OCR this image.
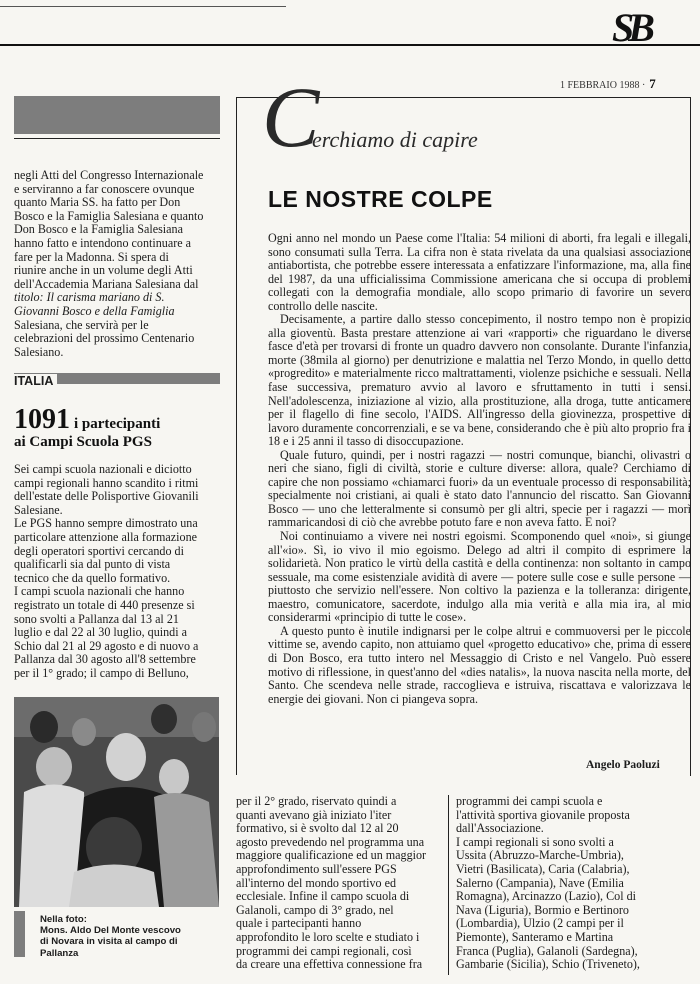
SB
1 FEBBRAIO 1988 · 7
negli Atti del Congresso Internazionale
e serviranno a far conoscere ovunque
quanto Maria SS. ha fatto per Don
Bosco e la Famiglia Salesiana e quanto
Don Bosco e la Famiglia Salesiana
hanno fatto e intendono continuare a
fare per la Madonna. Si spera di
riunire anche in un volume degli Atti
dell'Accademia Mariana Salesiana dal
titolo: Il carisma mariano di S.
Giovanni Bosco e della Famiglia
Salesiana, che servirà per le
celebrazioni del prossimo Centenario
Salesiano.
ITALIA
1091 i partecipanti
ai Campi Scuola PGS
Sei campi scuola nazionali e diciotto
campi regionali hanno scandito i ritmi
dell'estate delle Polisportive Giovanili
Salesiane.
Le PGS hanno sempre dimostrato una
particolare attenzione alla formazione
degli operatori sportivi cercando di
qualificarli sia dal punto di vista
tecnico che da quello formativo.
I campi scuola nazionali che hanno
registrato un totale di 440 presenze si
sono svolti a Pallanza dal 13 al 21
luglio e dal 22 al 30 luglio, quindi a
Schio dal 21 al 29 agosto e di nuovo a
Pallanza dal 30 agosto all'8 settembre
per il 1° grado; il campo di Belluno,
Nella foto:
Mons. Aldo Del Monte vescovo
di Novara in visita al campo di
Pallanza
C
erchiamo di capire
LE NOSTRE COLPE

Ogni anno nel mondo un Paese come l'Italia: 54 milioni di aborti, fra legali e illegali, sono consumati sulla Terra. La cifra non è stata rivelata da una qualsiasi associazione antiabortista, che potrebbe essere interessata a enfatizzare l'informazione, ma, alla fine del 1987, da una ufficialissima Commissione americana che si occupa di problemi collegati con la demografia mondiale, allo scopo primario di favorire un severo controllo delle nascite.

Decisamente, a partire dallo stesso concepimento, il nostro tempo non è propizio alla gioventù. Basta prestare attenzione ai vari «rapporti» che riguardano le diverse fasce d'età per trovarsi di fronte un quadro davvero non consolante. Durante l'infanzia, morte (38mila al giorno) per denutrizione e malattia nel Terzo Mondo, in quello detto «progredito» e materialmente ricco maltrattamenti, violenze psichiche e sessuali. Nella fase successiva, prematuro avvio al lavoro e sfruttamento in tutti i sensi. Nell'adolescenza, iniziazione al vizio, alla prostituzione, alla droga, tutte anticamere per il flagello di fine secolo, l'AIDS. All'ingresso della giovinezza, prospettive di lavoro duramente concorrenziali, e se va bene, considerando che è più alto proprio fra i 18 e i 25 anni il tasso di disoccupazione.

Quale futuro, quindi, per i nostri ragazzi — nostri comunque, bianchi, olivastri o neri che siano, figli di civiltà, storie e culture diverse: allora, quale? Cerchiamo di capire che non possiamo «chiamarci fuori» da un eventuale processo di responsabilità; specialmente noi cristiani, ai quali è stato dato l'annuncio del riscatto. San Giovanni Bosco — uno che letteralmente si consumò per gli altri, specie per i ragazzi — morì rammaricandosi di ciò che avrebbe potuto fare e non aveva fatto. E noi?

Noi continuiamo a vivere nei nostri egoismi. Scomponendo quel «noi», si giunge all'«io». Sì, io vivo il mio egoismo. Delego ad altri il compito di esprimere la solidarietà. Non pratico le virtù della castità e della continenza: non soltanto in campo sessuale, ma come esistenziale avidità di avere — potere sulle cose e sulle persone — piuttosto che servizio nell'essere. Non coltivo la pazienza e la tolleranza: dirigente, maestro, comunicatore, sacerdote, indulgo alla mia verità e alla mia ira, al mio considerarmi «principio di tutte le cose».

A questo punto è inutile indignarsi per le colpe altrui e commuoversi per le piccole vittime se, avendo capito, non attuiamo quel «progetto educativo» che, prima di essere di Don Bosco, era tutto intero nel Messaggio di Cristo e nel Vangelo. Può essere motivo di riflessione, in quest'anno del «dies natalis», la nuova nascita nella morte, del Santo. Che scendeva nelle strade, raccoglieva e istruiva, riscattava e valorizzava le energie dei giovani. Non ci piangeva sopra.

Angelo Paoluzi
per il 2° grado, riservato quindi a
quanti avevano già iniziato l'iter
formativo, si è svolto dal 12 al 20
agosto prevedendo nel programma una
maggiore qualificazione ed un maggior
approfondimento sull'essere PGS
all'interno del mondo sportivo ed
ecclesiale. Infine il campo scuola di
Galanoli, campo di 3° grado, nel
quale i partecipanti hanno
approfondito le loro scelte e studiato i
programmi dei campi regionali, così
da creare una effettiva connessione fra
programmi dei campi scuola e
l'attività sportiva giovanile proposta
dall'Associazione.
I campi regionali si sono svolti a
Ussita (Abruzzo-Marche-Umbria),
Vietri (Basilicata), Caria (Calabria),
Salerno (Campania), Nave (Emilia
Romagna), Arcinazzo (Lazio), Col di
Nava (Liguria), Bormio e Bertinoro
(Lombardia), Ulzio (2 campi per il
Piemonte), Santeramo e Martina
Franca (Puglia), Galanoli (Sardegna),
Gambarie (Sicilia), Schio (Triveneto),
